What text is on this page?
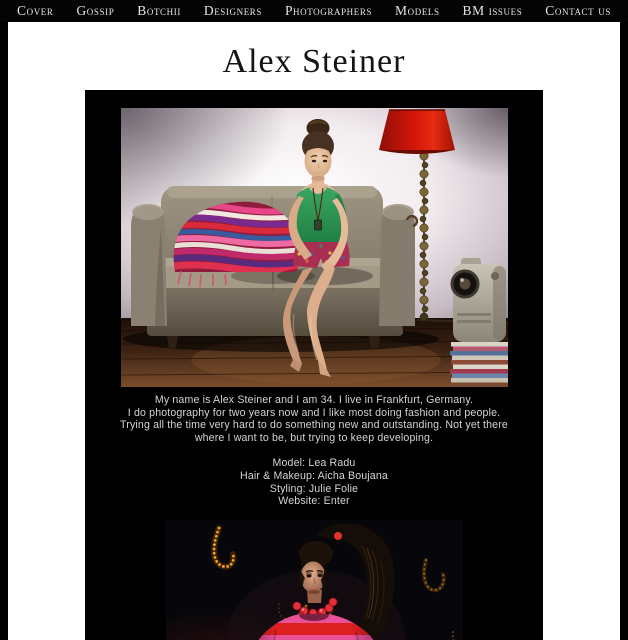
Cover Gossip Botchii Designers Photographers Models BM issues Contact us
Alex Steiner
My name is Alex Steiner and I am 34. I live in Frankfurt, Germany.
I do photography for two years now and I like most doing fashion and people.
Trying all the time very hard to do something new and outstanding. Not yet there
where I want to be, but trying to keep developing.
Model: Lea Radu
Hair & Makeup: Aicha Boujana
Styling: Julie Folie
Website: Enter
